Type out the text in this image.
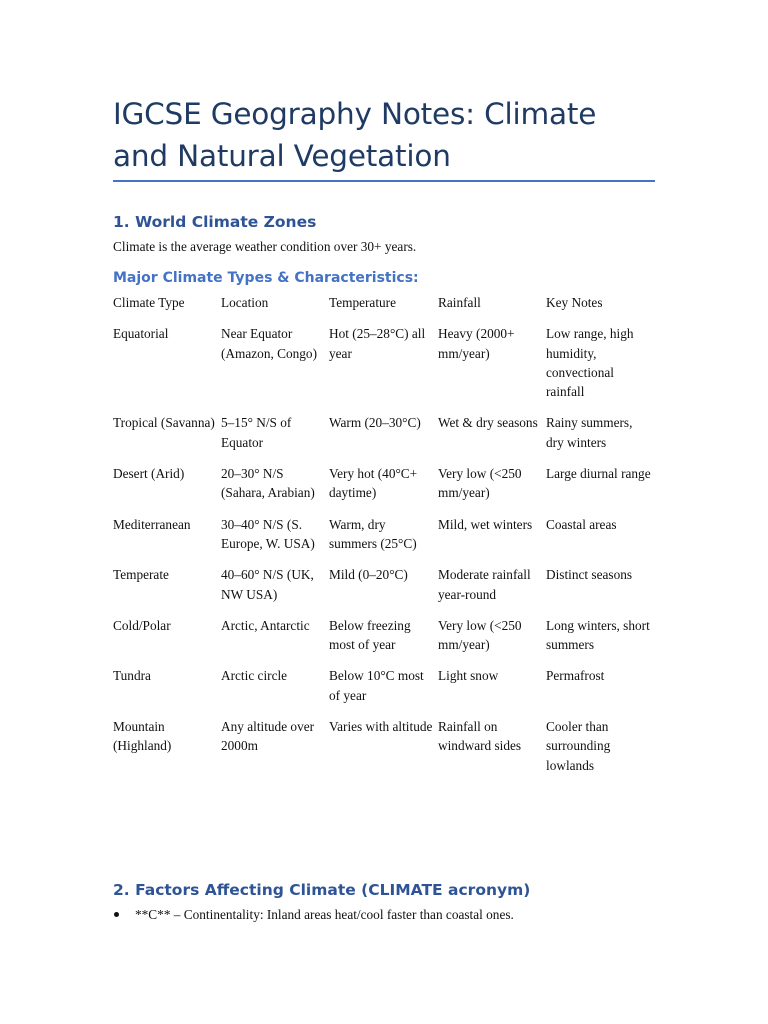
IGCSE Geography Notes: Climate and Natural Vegetation
1. World Climate Zones

Climate is the average weather condition over 30+ years.

Major Climate Types & Characteristics:
Climate Type	Location	Temperature	Rainfall	Key Notes
Equatorial	Near Equator (Amazon, Congo)	Hot (25–28°C) all year	Heavy (2000+ mm/year)	Low range, high humidity, convectional rainfall
Tropical (Savanna)	5–15° N/S of Equator	Warm (20–30°C)	Wet & dry seasons	Rainy summers, dry winters
Desert (Arid)	20–30° N/S (Sahara, Arabian)	Very hot (40°C+ daytime)	Very low (<250 mm/year)	Large diurnal range
Mediterranean	30–40° N/S (S. Europe, W. USA)	Warm, dry summers (25°C)	Mild, wet winters	Coastal areas
Temperate	40–60° N/S (UK, NW USA)	Mild (0–20°C)	Moderate rainfall year-round	Distinct seasons
Cold/Polar	Arctic, Antarctic	Below freezing most of year	Very low (<250 mm/year)	Long winters, short summers
Tundra	Arctic circle	Below 10°C most of year	Light snow	Permafrost
Mountain (Highland)	Any altitude over 2000m	Varies with altitude	Rainfall on windward sides	Cooler than surrounding lowlands
2. Factors Affecting Climate (CLIMATE acronym)
**C** – Continentality: Inland areas heat/cool faster than coastal ones.
